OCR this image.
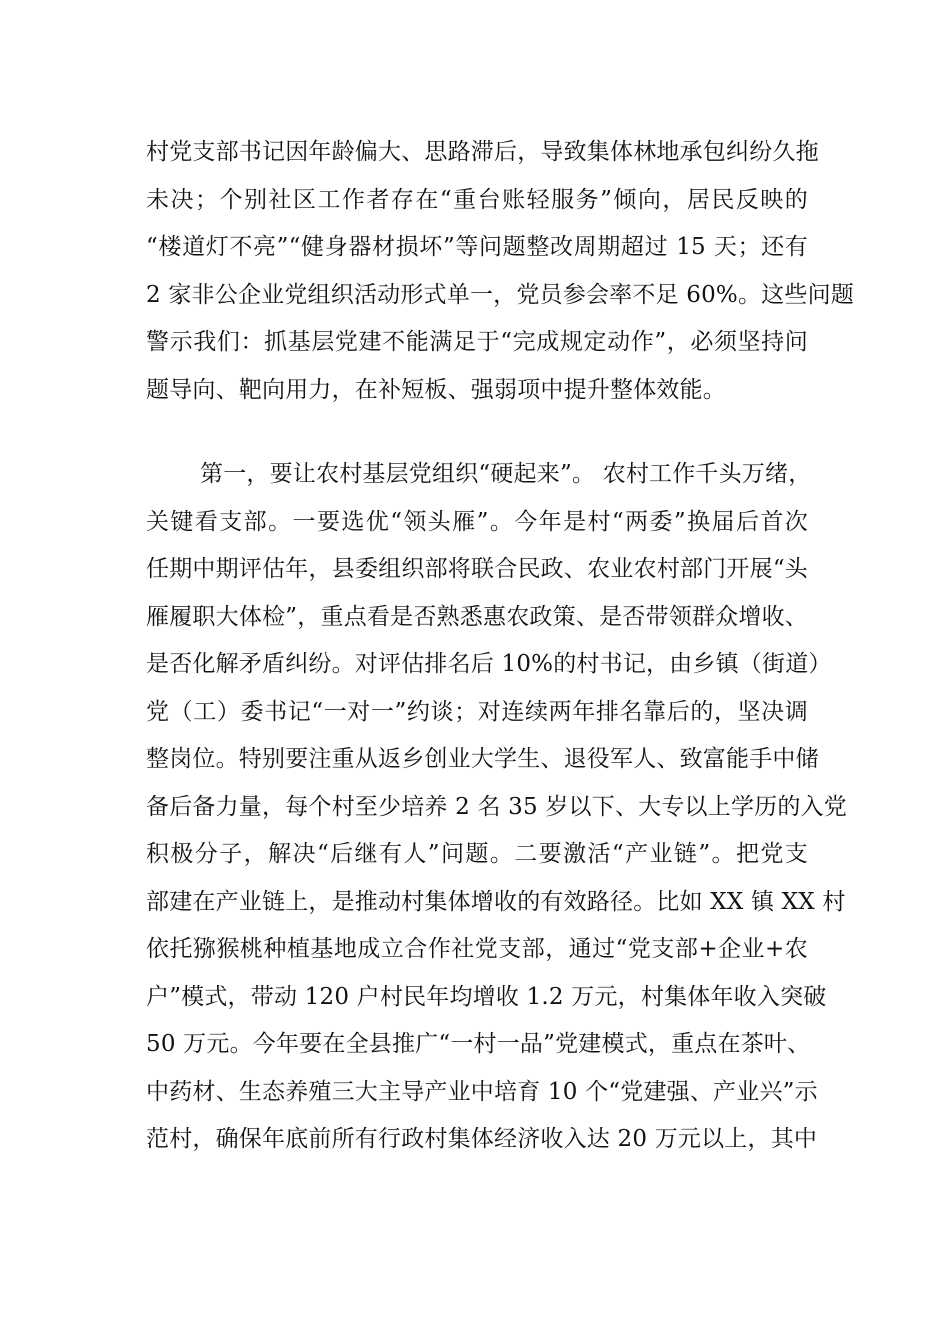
村党支部书记因年龄偏大、思路滞后，导致集体林地承包纠纷久拖
未决；个别社区工作者存在“重台账轻服务”倾向，居民反映的
“楼道灯不亮”“健身器材损坏”等问题整改周期超过 15 天；还有
2 家非公企业党组织活动形式单一，党员参会率不足 60%。这些问题
警示我们：抓基层党建不能满足于“完成规定动作”，必须坚持问
题导向、靶向用力，在补短板、强弱项中提升整体效能。
第一，要让农村基层党组织“硬起来”。 农村工作千头万绪，
关键看支部。一要选优“领头雁”。今年是村“两委”换届后首次
任期中期评估年，县委组织部将联合民政、农业农村部门开展“头
雁履职大体检”，重点看是否熟悉惠农政策、是否带领群众增收、
是否化解矛盾纠纷。对评估排名后 10%的村书记，由乡镇（街道）
党（工）委书记“一对一”约谈；对连续两年排名靠后的，坚决调
整岗位。特别要注重从返乡创业大学生、退役军人、致富能手中储
备后备力量，每个村至少培养 2 名 35 岁以下、大专以上学历的入党
积极分子，解决“后继有人”问题。二要激活“产业链”。把党支
部建在产业链上，是推动村集体增收的有效路径。比如 XX 镇 XX 村
依托猕猴桃种植基地成立合作社党支部，通过“党支部+企业+农
户”模式，带动 120 户村民年均增收 1.2 万元，村集体年收入突破
50 万元。今年要在全县推广“一村一品”党建模式，重点在茶叶、
中药材、生态养殖三大主导产业中培育 10 个“党建强、产业兴”示
范村，确保年底前所有行政村集体经济收入达 20 万元以上，其中
